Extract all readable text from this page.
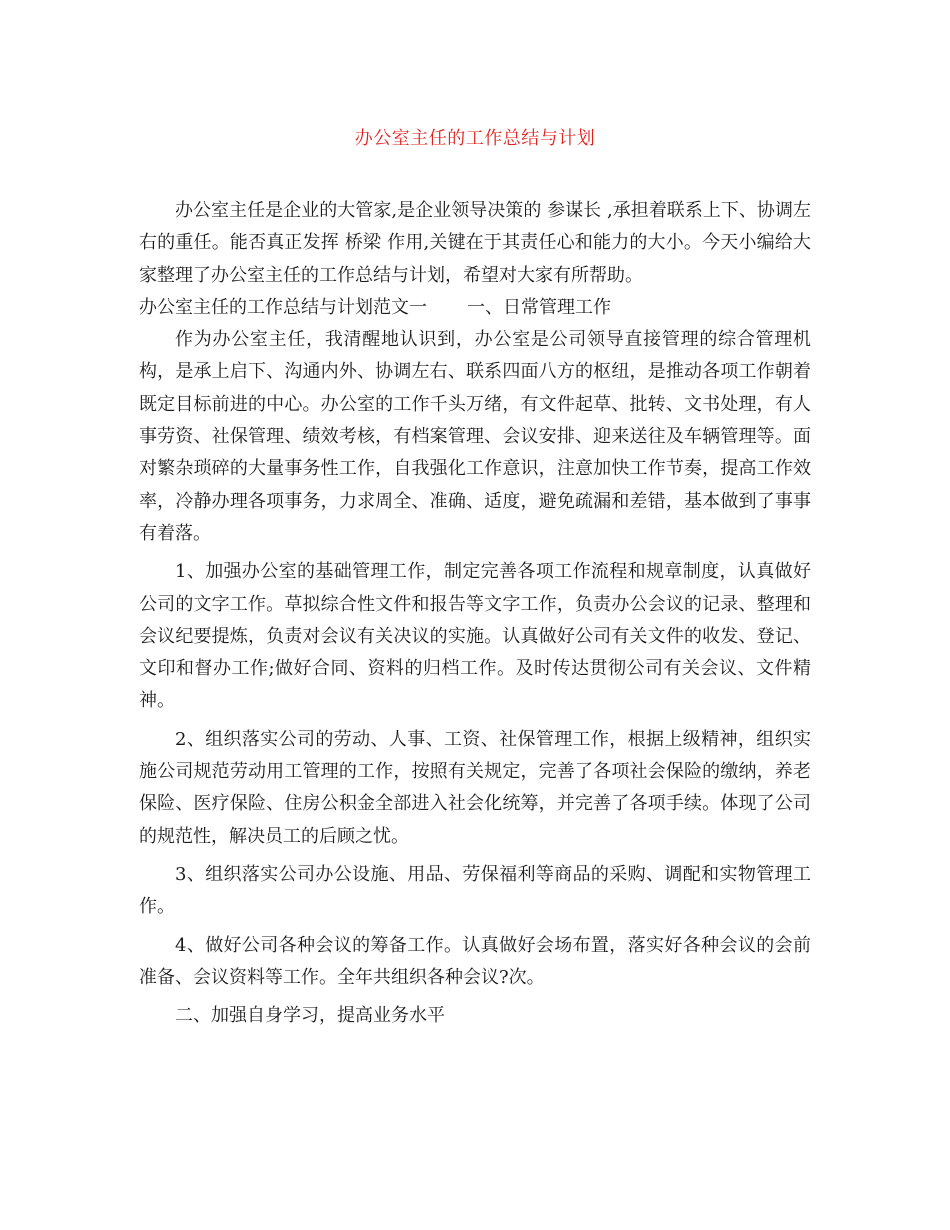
办公室主任的工作总结与计划

办公室主任是企业的大管家,是企业领导决策的 参谋长 ,承担着联系上下、协调左右的重任。能否真正发挥 桥梁 作用,关键在于其责任心和能力的大小。今天小编给大家整理了办公室主任的工作总结与计划，希望对大家有所帮助。

办公室主任的工作总结与计划范文一 一、日常管理工作

作为办公室主任，我清醒地认识到，办公室是公司领导直接管理的综合管理机构，是承上启下、沟通内外、协调左右、联系四面八方的枢纽，是推动各项工作朝着既定目标前进的中心。办公室的工作千头万绪，有文件起草、批转、文书处理，有人事劳资、社保管理、绩效考核，有档案管理、会议安排、迎来送往及车辆管理等。面对繁杂琐碎的大量事务性工作，自我强化工作意识，注意加快工作节奏，提高工作效率，冷静办理各项事务，力求周全、准确、适度，避免疏漏和差错，基本做到了事事有着落。

1、加强办公室的基础管理工作，制定完善各项工作流程和规章制度，认真做好公司的文字工作。草拟综合性文件和报告等文字工作，负责办公会议的记录、整理和会议纪要提炼，负责对会议有关决议的实施。认真做好公司有关文件的收发、登记、文印和督办工作;做好合同、资料的归档工作。及时传达贯彻公司有关会议、文件精神。

2、组织落实公司的劳动、人事、工资、社保管理工作，根据上级精神，组织实施公司规范劳动用工管理的工作，按照有关规定，完善了各项社会保险的缴纳，养老保险、医疗保险、住房公积金全部进入社会化统筹，并完善了各项手续。体现了公司的规范性，解决员工的后顾之忧。

3、组织落实公司办公设施、用品、劳保福利等商品的采购、调配和实物管理工作。

4、做好公司各种会议的筹备工作。认真做好会场布置，落实好各种会议的会前准备、会议资料等工作。全年共组织各种会议?次。

二、加强自身学习，提高业务水平
